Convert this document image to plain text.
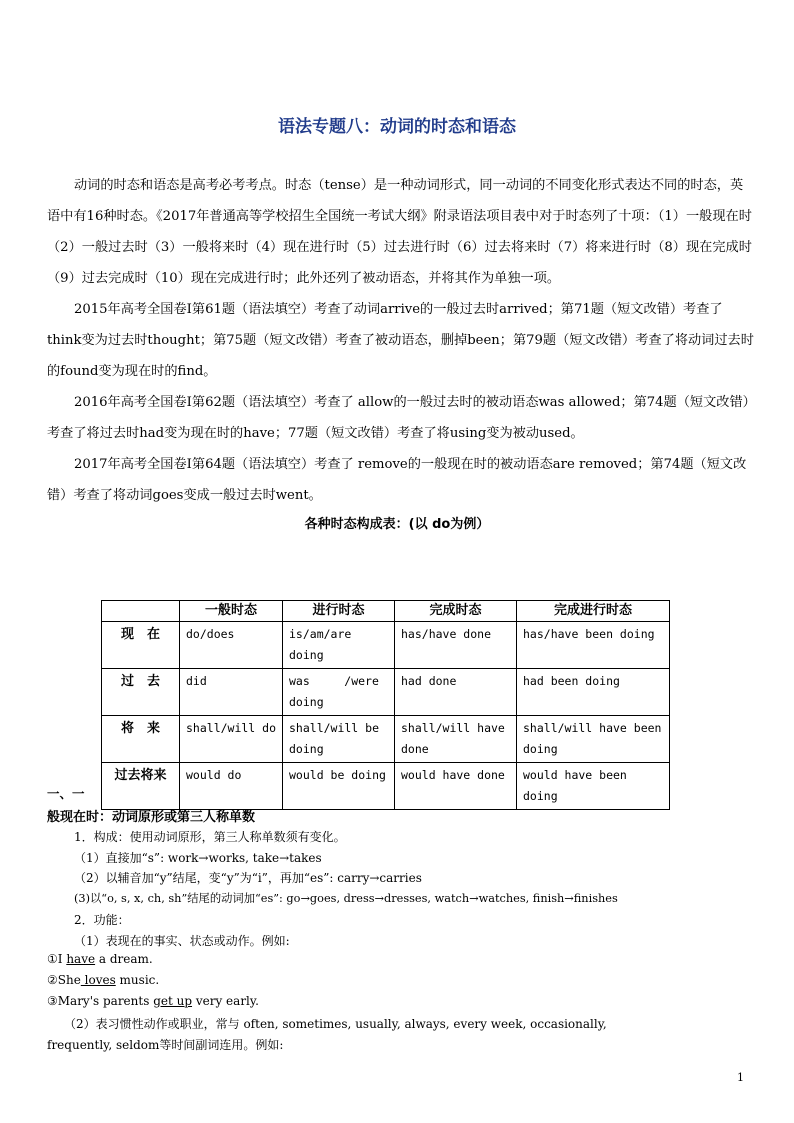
语法专题八：动词的时态和语态
动词的时态和语态是高考必考考点。时态（tense）是一种动词形式，同一动词的不同变化形式表达不同的时态，英语中有16种时态。《2017年普通高等学校招生全国统一考试大纲》附录语法项目表中对于时态列了十项：（1）一般现在时（2）一般过去时（3）一般将来时（4）现在进行时（5）过去进行时（6）过去将来时（7）将来进行时（8）现在完成时（9）过去完成时（10）现在完成进行时；此外还列了被动语态，并将其作为单独一项。
2015年高考全国卷Ⅰ第61题（语法填空）考查了动词arrive的一般过去时arrived；第71题（短文改错）考查了think变为过去时thought；第75题（短文改错）考查了被动语态，删掉been；第79题（短文改错）考查了将动词过去时的found变为现在时的find。
2016年高考全国卷Ⅰ第62题（语法填空）考查了 allow的一般过去时的被动语态was allowed；第74题（短文改错）考查了将过去时had变为现在时的have；77题（短文改错）考查了将using变为被动used。
2017年高考全国卷Ⅰ第64题（语法填空）考查了 remove的一般现在时的被动语态are removed；第74题（短文改错）考查了将动词goes变成一般过去时went。
各种时态构成表：(以 do为例）
	一般时态	进行时态	完成时态	完成进行时态
现　在	do/does	is/am/are doing	has/have done	has/have been doing
过　去	did	was　　　/were doing	had done	had been doing
将　来	shall/will do	shall/will be doing	shall/will have done	shall/will have been doing
过去将来	would do	would be doing	would have done	would have been doing
一、一
般现在时：动词原形或第三人称单数
1．构成：使用动词原形，第三人称单数须有变化。
（1）直接加“s”: work→works, take→takes
（2）以辅音加“y”结尾，变“y”为“i”，再加“es”: carry→carries
(3)以“o, s, x, ch, sh”结尾的动词加“es”: go→goes, dress→dresses, watch→watches, finish→finishes
2．功能：
（1）表现在的事实、状态或动作。例如:
①I have a dream.
②She loves music.
③Mary's parents get up very early.
（2）表习惯性动作或职业，常与 often, sometimes, usually, always, every week, occasionally,
frequently, seldom等时间副词连用。例如:
1
